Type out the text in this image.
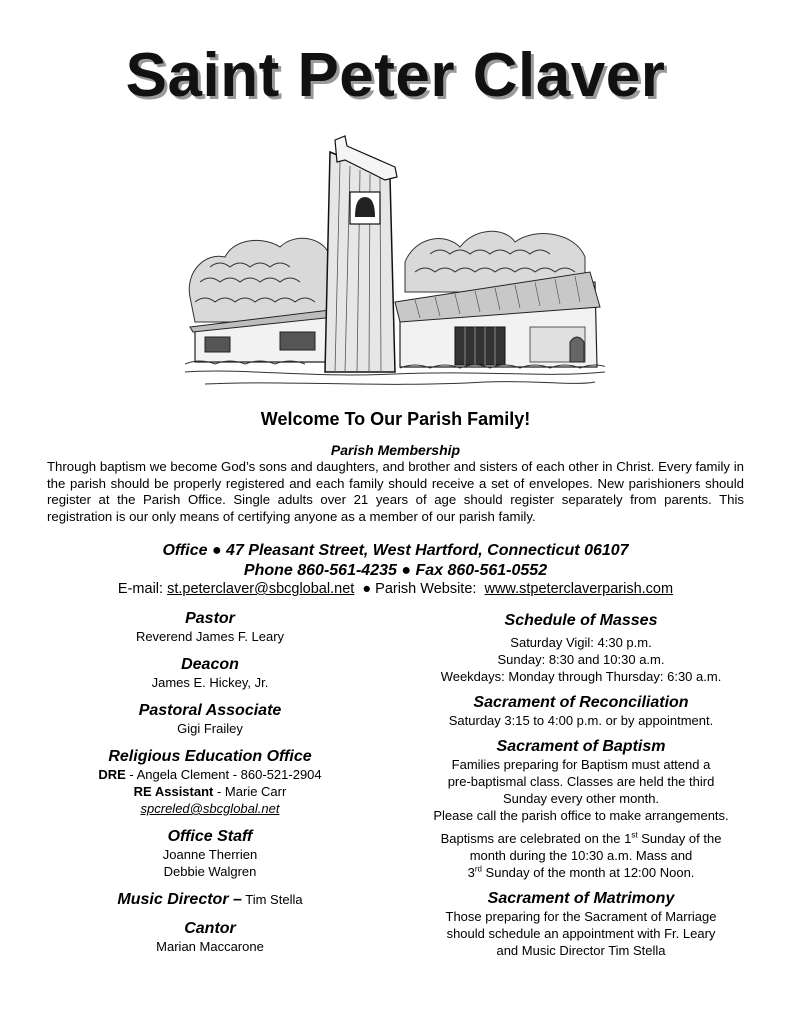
Saint Peter Claver
Welcome To Our Parish Family!
Parish Membership
Through baptism we become God’s sons and daughters, and brother and sisters of each other in Christ. Every family in the parish should be properly registered and each family should receive a set of envelopes. New parishioners should register at the Parish Office. Single adults over 21 years of age should register separately from parents. This registration is our only means of certifying anyone as a member of our parish family.
Office ● 47 Pleasant Street, West Hartford, Connecticut 06107
Phone 860-561-4235 ● Fax 860-561-0552
E-mail: st.peterclaver@sbcglobal.net ● Parish Website: www.stpeterclaverparish.com
Pastor
Reverend James F. Leary
Deacon
James E. Hickey, Jr.
Pastoral Associate
Gigi Frailey
Religious Education Office
DRE - Angela Clement - 860-521-2904
RE Assistant - Marie Carr
spcreled@sbcglobal.net
Office Staff
Joanne Therrien
Debbie Walgren
Music Director – Tim Stella
Cantor
Marian Maccarone
Schedule of Masses
Saturday Vigil: 4:30 p.m.
Sunday: 8:30 and 10:30 a.m.
Weekdays: Monday through Thursday: 6:30 a.m.
Sacrament of Reconciliation
Saturday 3:15 to 4:00 p.m. or by appointment.
Sacrament of Baptism
Families preparing for Baptism must attend a
pre-baptismal class. Classes are held the third
Sunday every other month.
Please call the parish office to make arrangements.
Baptisms are celebrated on the 1st Sunday of the
month during the 10:30 a.m. Mass and
3rd Sunday of the month at 12:00 Noon.
Sacrament of Matrimony
Those preparing for the Sacrament of Marriage
should schedule an appointment with Fr. Leary
and Music Director Tim Stella
